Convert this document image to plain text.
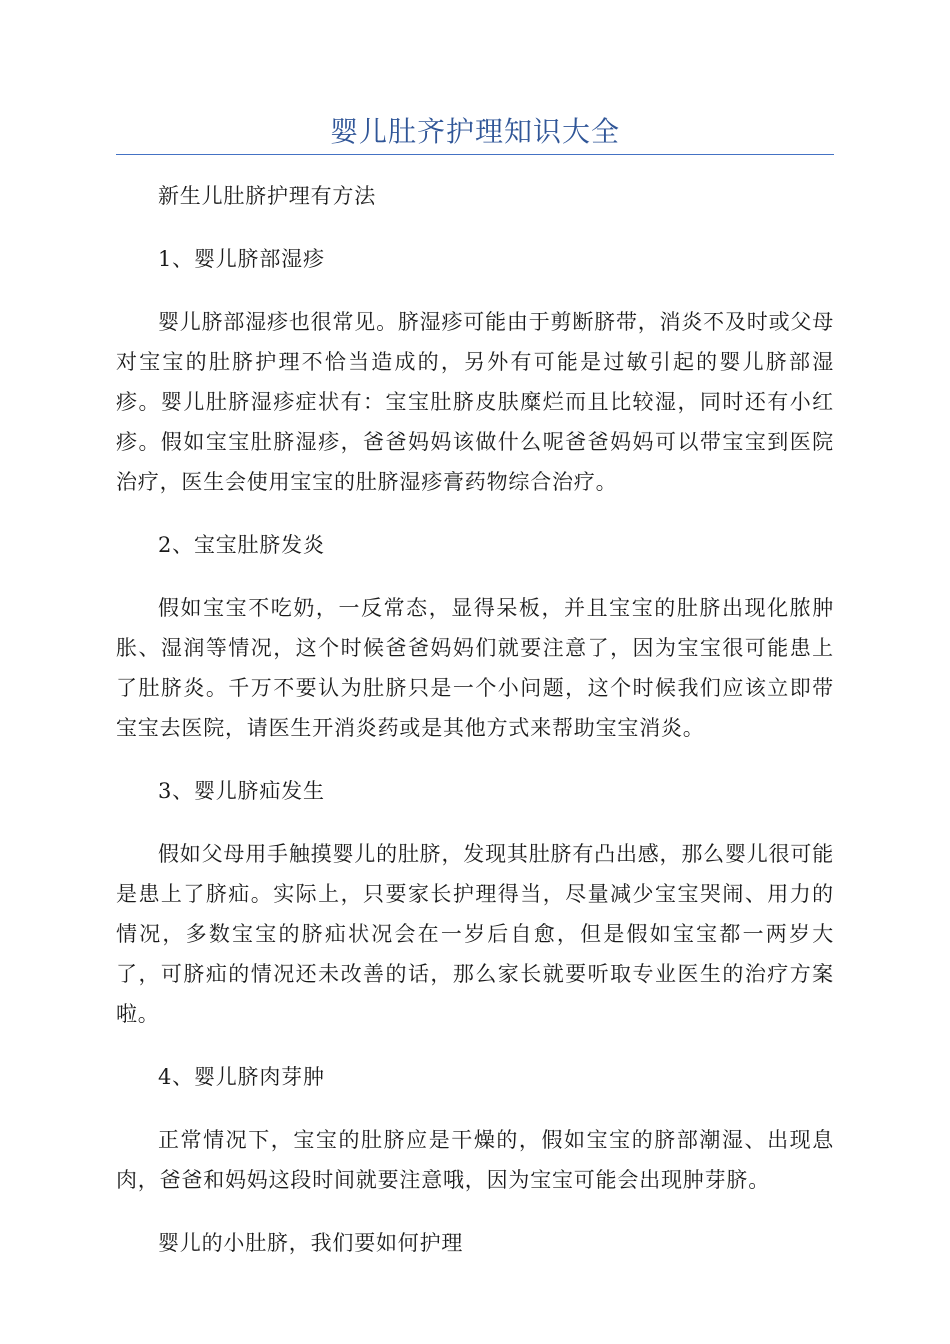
婴儿肚齐护理知识大全

新生儿肚脐护理有方法

1、婴儿脐部湿疹

婴儿脐部湿疹也很常见。脐湿疹可能由于剪断脐带，消炎不及时或父母对宝宝的肚脐护理不恰当造成的，另外有可能是过敏引起的婴儿脐部湿疹。婴儿肚脐湿疹症状有：宝宝肚脐皮肤糜烂而且比较湿，同时还有小红疹。假如宝宝肚脐湿疹，爸爸妈妈该做什么呢爸爸妈妈可以带宝宝到医院治疗，医生会使用宝宝的肚脐湿疹膏药物综合治疗。

2、宝宝肚脐发炎

假如宝宝不吃奶，一反常态，显得呆板，并且宝宝的肚脐出现化脓肿胀、湿润等情况，这个时候爸爸妈妈们就要注意了，因为宝宝很可能患上了肚脐炎。千万不要认为肚脐只是一个小问题，这个时候我们应该立即带宝宝去医院，请医生开消炎药或是其他方式来帮助宝宝消炎。

3、婴儿脐疝发生

假如父母用手触摸婴儿的肚脐，发现其肚脐有凸出感，那么婴儿很可能是患上了脐疝。实际上，只要家长护理得当，尽量减少宝宝哭闹、用力的情况，多数宝宝的脐疝状况会在一岁后自愈，但是假如宝宝都一两岁大了，可脐疝的情况还未改善的话，那么家长就要听取专业医生的治疗方案啦。

4、婴儿脐肉芽肿

正常情况下，宝宝的肚脐应是干燥的，假如宝宝的脐部潮湿、出现息肉，爸爸和妈妈这段时间就要注意哦，因为宝宝可能会出现肿芽脐。

婴儿的小肚脐，我们要如何护理
